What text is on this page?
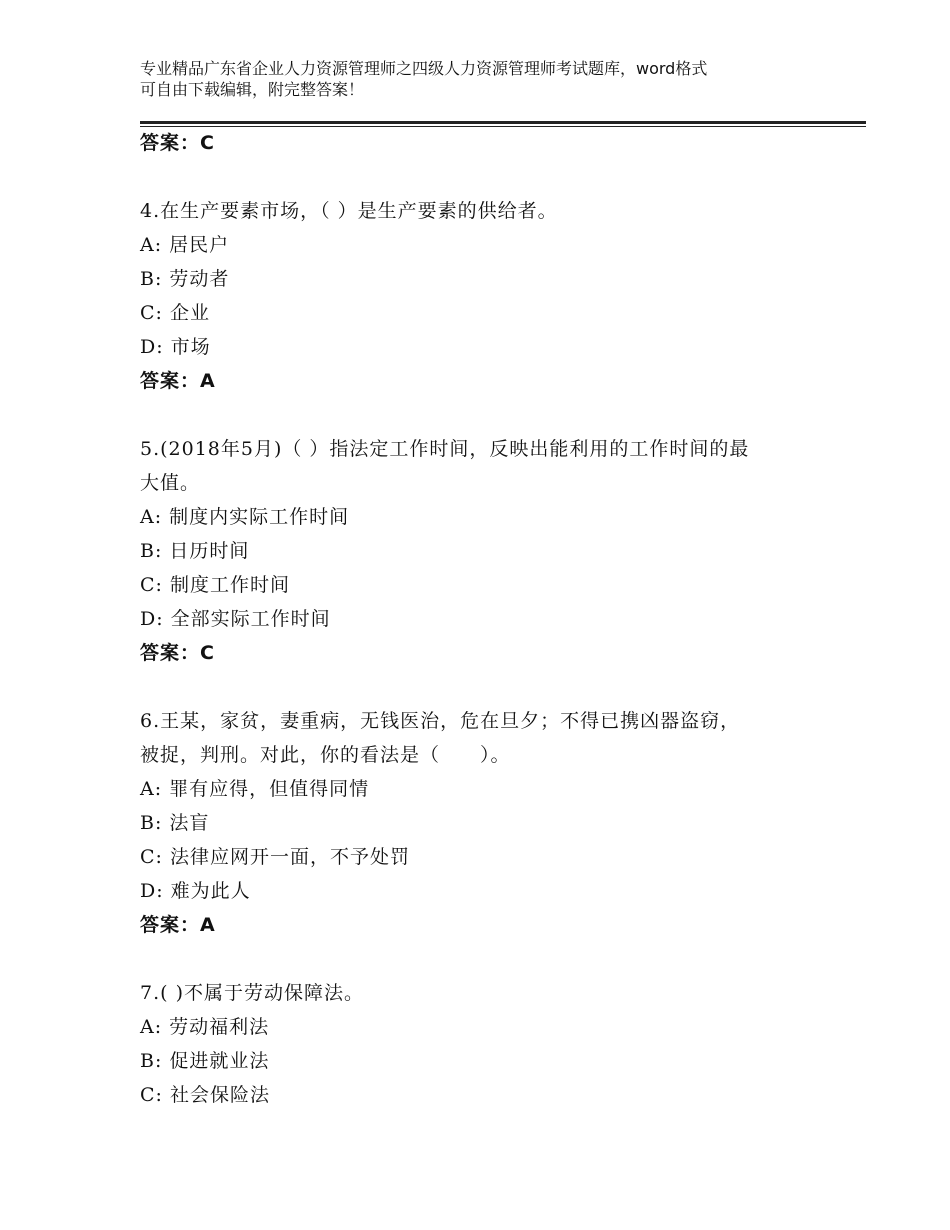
专业精品广东省企业人力资源管理师之四级人力资源管理师考试题库，word格式
可自由下载编辑，附完整答案！
答案：C
4.在生产要素市场，（ ）是生产要素的供给者。
A: 居民户
B: 劳动者
C: 企业
D: 市场
答案：A
5.(2018年5月)（ ）指法定工作时间，反映出能利用的工作时间的最
大值。
A: 制度内实际工作时间
B: 日历时间
C: 制度工作时间
D: 全部实际工作时间
答案：C
6.王某，家贫，妻重病，无钱医治，危在旦夕；不得已携凶器盗窃，
被捉，判刑。对此，你的看法是（　　）。
A: 罪有应得，但值得同情
B: 法盲
C: 法律应网开一面，不予处罚
D: 难为此人
答案：A
7.( )不属于劳动保障法。
A: 劳动福利法
B: 促进就业法
C: 社会保险法
